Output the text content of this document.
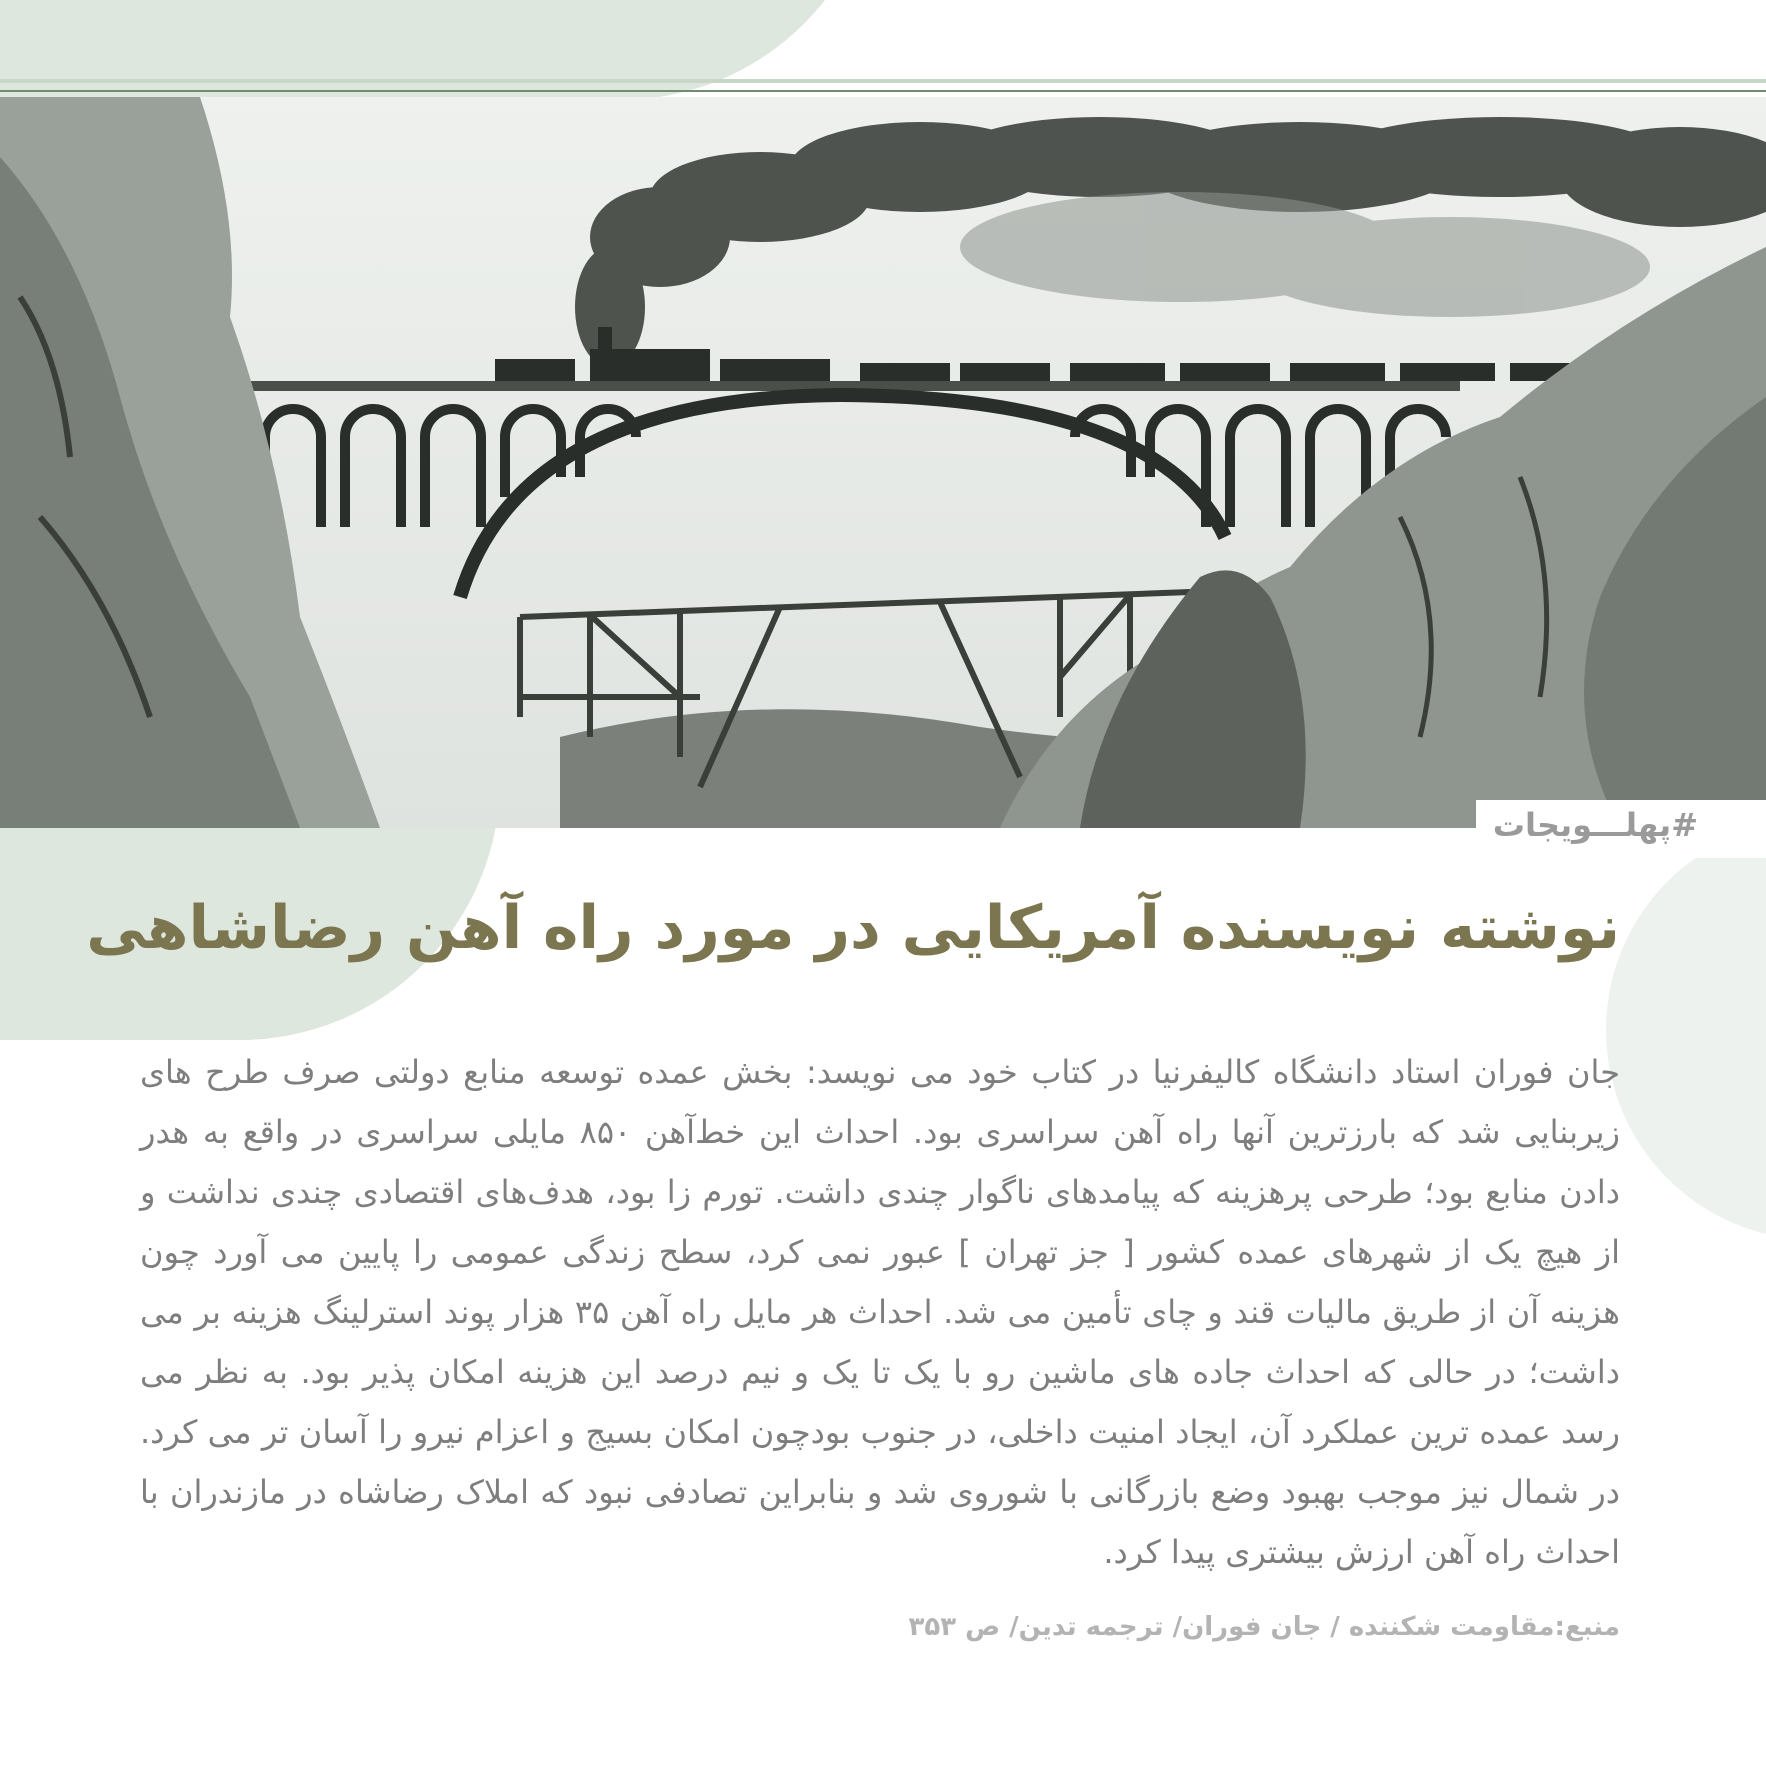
#پهلـــویجات
نوشته نویسنده آمریکایی در مورد راه آهن رضاشاهی

جان فوران استاد دانشگاه کالیفرنیا در کتاب خود می نویسد: بخش عمده توسعه منابع دولتی صرف طرح های زیربنایی شد که بارزترین آنها راه آهن سراسری بود. احداث این خط‌آهن ۸۵۰ مایلی سراسری در واقع به هدر دادن منابع بود؛ طرحی پرهزینه که پیامدهای ناگوار چندی داشت. تورم زا بود، هدف‌های اقتصادی چندی نداشت و از هیچ یک از شهرهای عمده کشور [ جز تهران ] عبور نمی کرد، سطح زندگی عمومی را پایین می آورد چون هزینه آن از طریق مالیات قند و چای تأمین می شد. احداث هر مایل راه آهن ۳۵ هزار پوند استرلینگ هزینه بر می داشت؛ در حالی که احداث جاده های ماشین رو با یک تا یک و نیم درصد این هزینه امکان پذیر بود. به نظر می رسد عمده ترین عملکرد آن، ایجاد امنیت داخلی، در جنوب بودچون امکان بسیج و اعزام نیرو را آسان تر می کرد. در شمال نیز موجب بهبود وضع بازرگانی با شوروی شد و بنابراین تصادفی نبود که املاک رضاشاه در مازندران با احداث راه آهن ارزش بیشتری پیدا کرد.

منبع:مقاومت شکننده / جان فوران/ ترجمه تدین/ ص ۳۵۳
